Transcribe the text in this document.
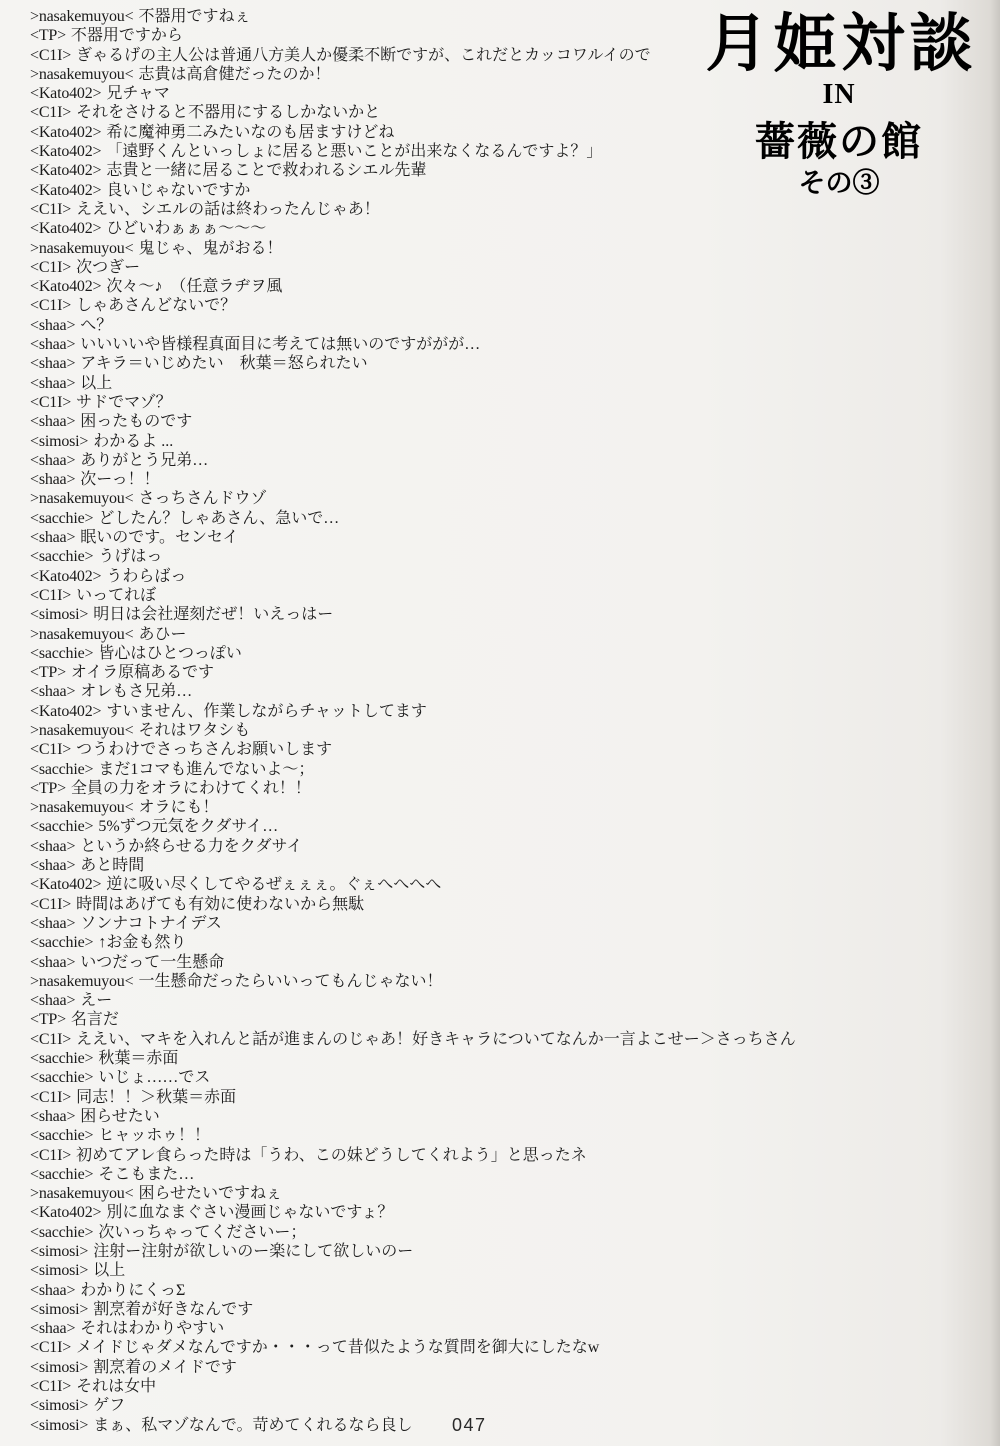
>nasakemuyou< 不器用ですねぇ
<TP> 不器用ですから
<C1I> ぎゃるげの主人公は普通八方美人か優柔不断ですが、これだとカッコワルイので
>nasakemuyou< 志貴は高倉健だったのか！
<Kato402> 兄チャマ
<C1I> それをさけると不器用にするしかないかと
<Kato402> 希に魔神勇二みたいなのも居ますけどね
<Kato402> 「遠野くんといっしょに居ると悪いことが出来なくなるんですよ？」
<Kato402> 志貴と一緒に居ることで救われるシエル先輩
<Kato402> 良いじゃないですか
<C1I> ええい、シエルの話は終わったんじゃあ！
<Kato402> ひどいわぁぁぁ～～～
>nasakemuyou< 鬼じゃ、鬼がおる！
<C1I> 次つぎー
<Kato402> 次々～♪　（任意ラヂヲ風
<C1I> しゃあさんどないで？
<shaa> へ？
<shaa> いいいいや皆様程真面目に考えては無いのですががが…
<shaa> アキラ＝いじめたい　秋葉＝怒られたい
<shaa> 以上
<C1I> サドでマゾ？
<shaa> 困ったものです
<simosi> わかるよ ...
<shaa> ありがとう兄弟…
<shaa> 次ーっ！！
>nasakemuyou< さっちさんドウゾ
<sacchie> どしたん？しゃあさん、急いで…
<shaa> 眠いのです。センセイ
<sacchie> うげはっ
<Kato402> うわらばっ
<C1I> いってれぼ
<simosi> 明日は会社遅刻だぜ！いえっはー
>nasakemuyou< あひー
<sacchie> 皆心はひとつっぽい
<TP> オイラ原稿あるです
<shaa> オレもさ兄弟…
<Kato402> すいません、作業しながらチャットしてます
>nasakemuyou< それはワタシも
<C1I> つうわけでさっちさんお願いします
<sacchie> まだ1コマも進んでないよ～；
<TP> 全員の力をオラにわけてくれ！！
>nasakemuyou< オラにも！
<sacchie> 5%ずつ元気をクダサイ…
<shaa> というか終らせる力をクダサイ
<shaa> あと時間
<Kato402> 逆に吸い尽くしてやるぜぇぇぇ。ぐぇへへへへ
<C1I> 時間はあげても有効に使わないから無駄
<shaa> ソンナコトナイデス
<sacchie> ↑お金も然り
<shaa> いつだって一生懸命
>nasakemuyou< 一生懸命だったらいいってもんじゃない！
<shaa> えー
<TP> 名言だ
<C1I> ええい、マキを入れんと話が進まんのじゃあ！好きキャラについてなんか一言よこせー＞さっちさん
<sacchie> 秋葉＝赤面
<sacchie> いじょ……でス
<C1I> 同志！！＞秋葉＝赤面
<shaa> 困らせたい
<sacchie> ヒャッホゥ！！
<C1I> 初めてアレ食らった時は「うわ、この妹どうしてくれよう」と思ったネ
<sacchie> そこもまた…
>nasakemuyou< 困らせたいですねぇ
<Kato402> 別に血なまぐさい漫画じゃないですょ？
<sacchie> 次いっちゃってくださいー；
<simosi> 注射ー注射が欲しいのー楽にして欲しいのー
<simosi> 以上
<shaa> わかりにくっΣ
<simosi> 割烹着が好きなんです
<shaa> それはわかりやすい
<C1I> メイドじゃダメなんですか・・・って昔似たような質問を御大にしたなw
<simosi> 割烹着のメイドです
<C1I> それは女中
<simosi> ゲフ
<simosi> まぁ、私マゾなんで。苛めてくれるなら良し
月姫対談
IN
薔薇の館
その③
047
